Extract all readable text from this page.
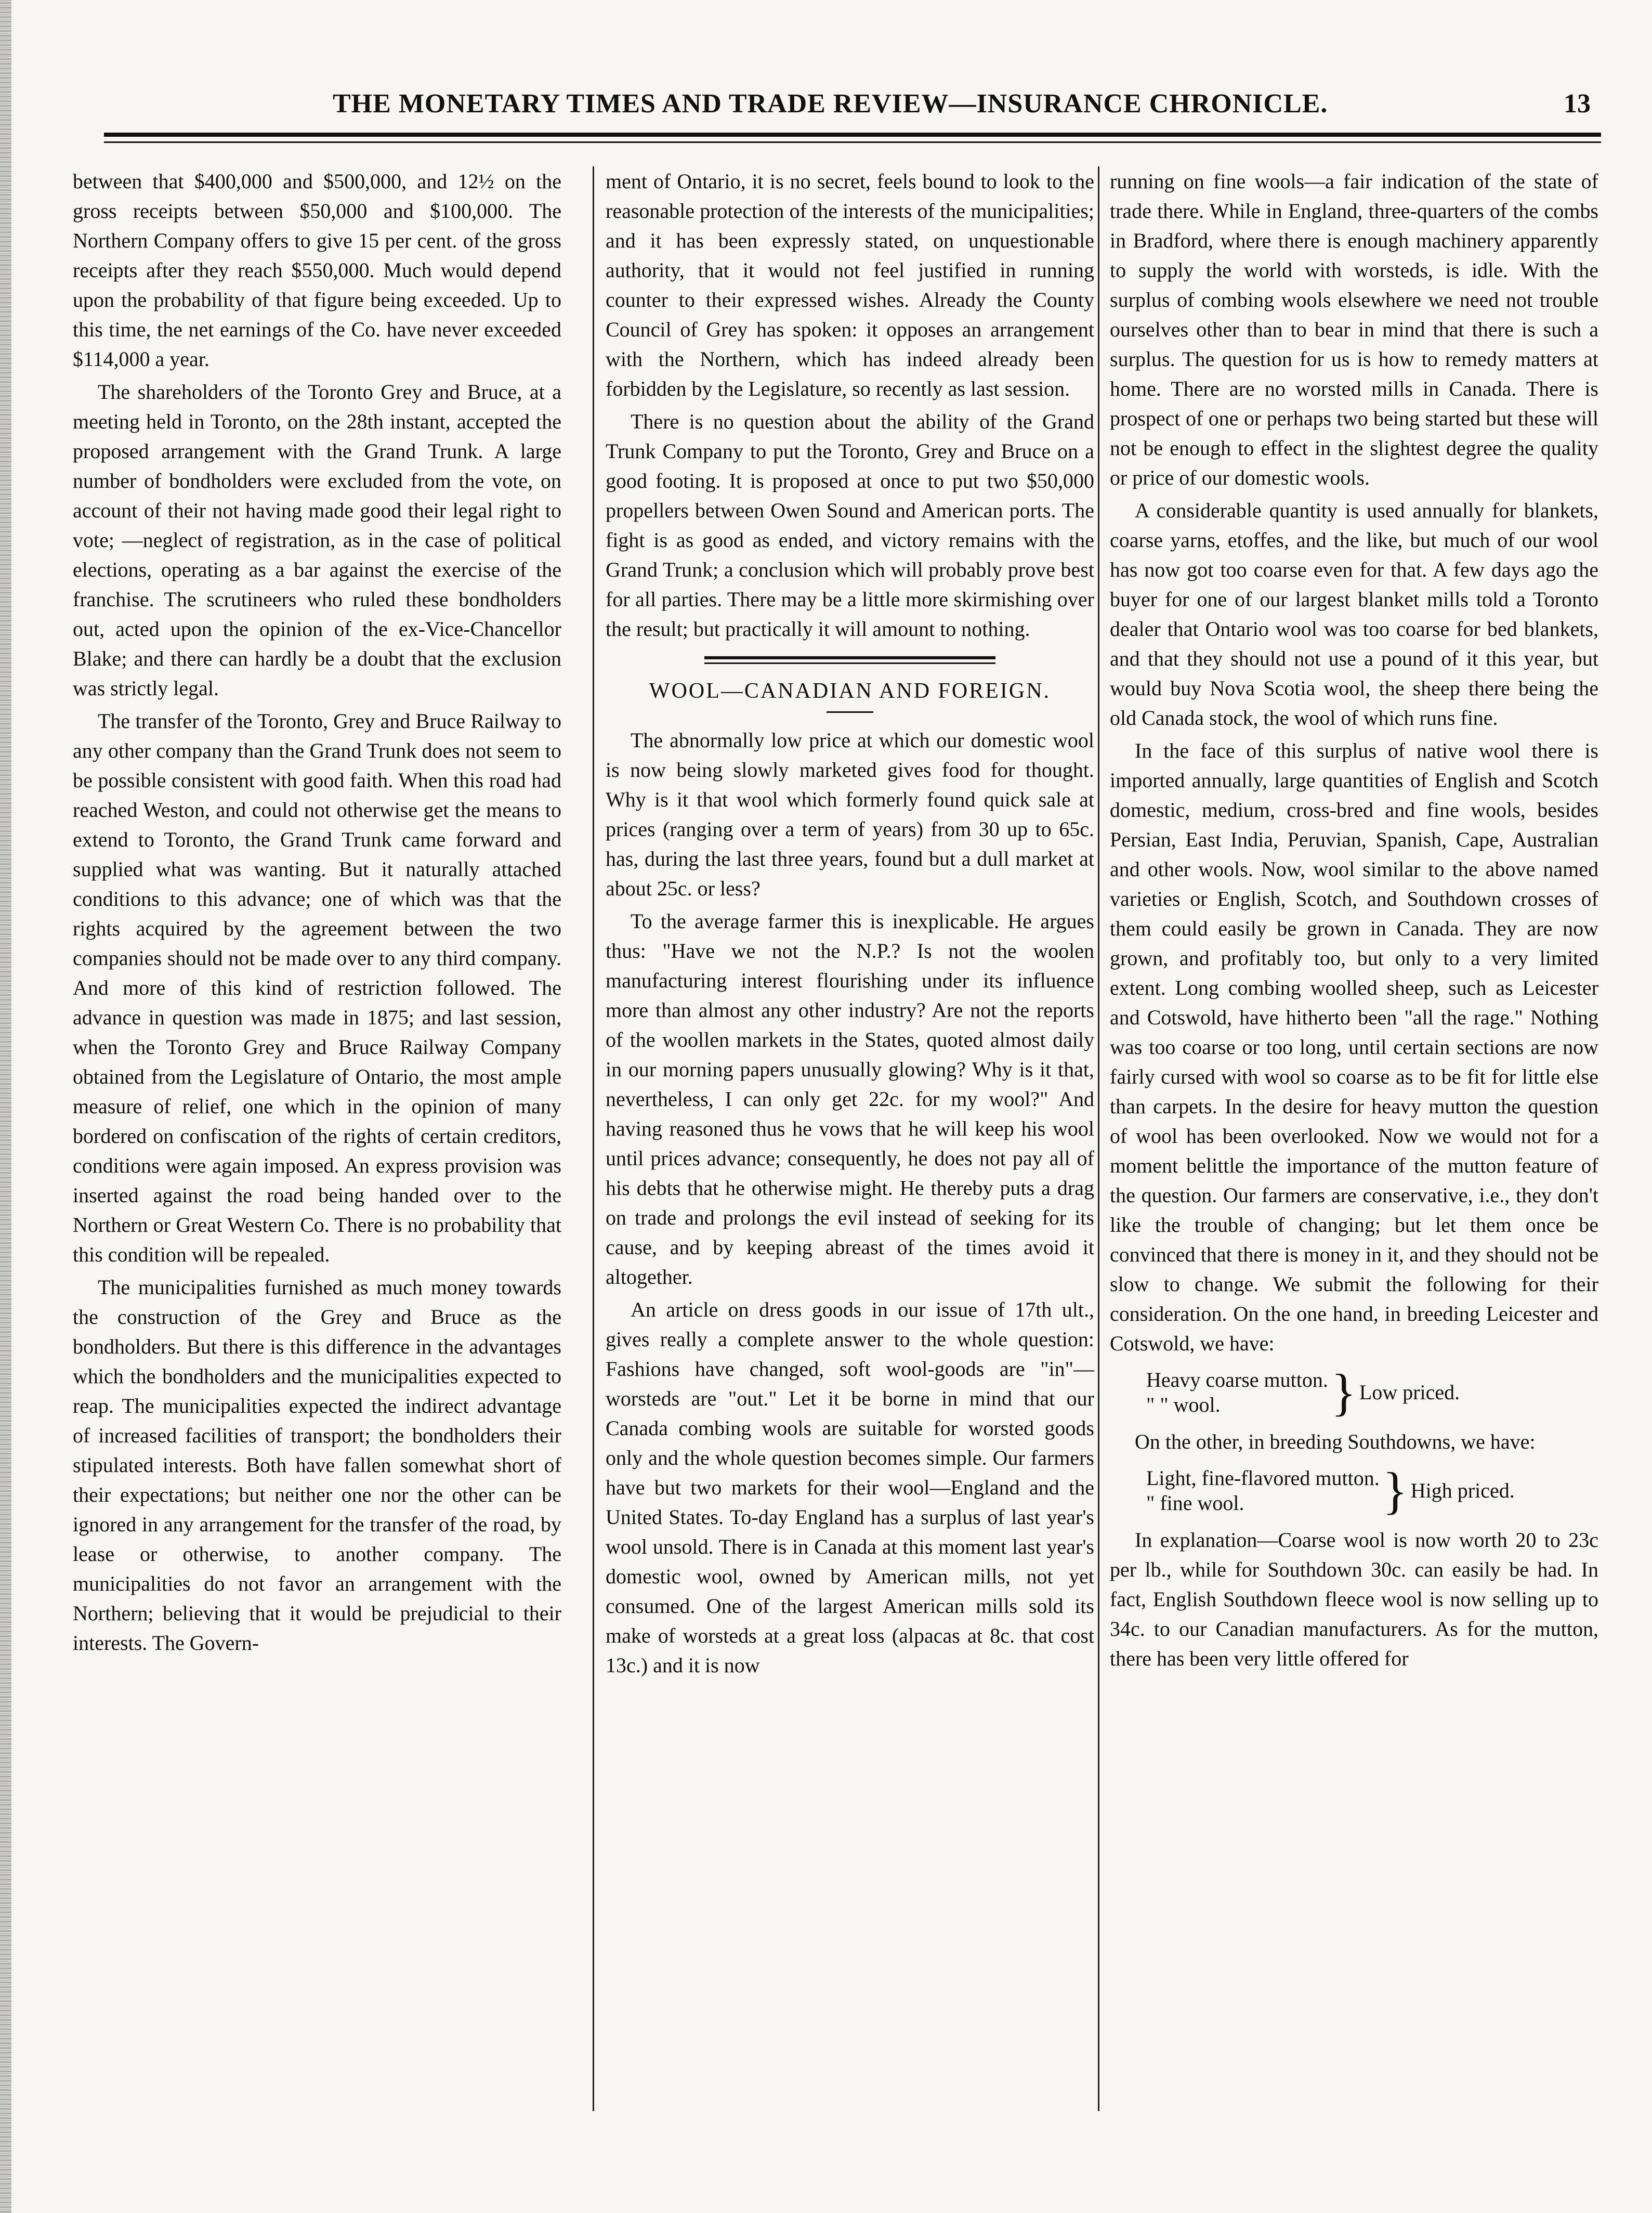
THE MONETARY TIMES AND TRADE REVIEW—INSURANCE CHRONICLE.	13

between that $400,000 and $500,000, and 12½ on the gross receipts between $50,000 and $100,000. The Northern Company offers to give 15 per cent. of the gross receipts after they reach $550,000. Much would depend upon the probability of that figure being exceeded. Up to this time, the net earnings of the Co. have never exceeded $114,000 a year.

The shareholders of the Toronto Grey and Bruce, at a meeting held in Toronto, on the 28th instant, accepted the proposed arrangement with the Grand Trunk. A large number of bondholders were excluded from the vote, on account of their not having made good their legal right to vote; —neglect of registration, as in the case of political elections, operating as a bar against the exercise of the franchise. The scrutineers who ruled these bondholders out, acted upon the opinion of the ex-Vice-Chancellor Blake; and there can hardly be a doubt that the exclusion was strictly legal.

The transfer of the Toronto, Grey and Bruce Railway to any other company than the Grand Trunk does not seem to be possible consistent with good faith. When this road had reached Weston, and could not otherwise get the means to extend to Toronto, the Grand Trunk came forward and supplied what was wanting. But it naturally attached conditions to this advance; one of which was that the rights acquired by the agreement between the two companies should not be made over to any third company. And more of this kind of restriction followed. The advance in question was made in 1875; and last session, when the Toronto Grey and Bruce Railway Company obtained from the Legislature of Ontario, the most ample measure of relief, one which in the opinion of many bordered on confiscation of the rights of certain creditors, conditions were again imposed. An express provision was inserted against the road being handed over to the Northern or Great Western Co. There is no probability that this condition will be repealed.

The municipalities furnished as much money towards the construction of the Grey and Bruce as the bondholders. But there is this difference in the advantages which the bondholders and the municipalities expected to reap. The municipalities expected the indirect advantage of increased facilities of transport; the bondholders their stipulated interests. Both have fallen somewhat short of their expectations; but neither one nor the other can be ignored in any arrangement for the transfer of the road, by lease or otherwise, to another company. The municipalities do not favor an arrangement with the Northern; believing that it would be prejudicial to their interests. The Govern-

ment of Ontario, it is no secret, feels bound to look to the reasonable protection of the interests of the municipalities; and it has been expressly stated, on unquestionable authority, that it would not feel justified in running counter to their expressed wishes. Already the County Council of Grey has spoken: it opposes an arrangement with the Northern, which has indeed already been forbidden by the Legislature, so recently as last session.

There is no question about the ability of the Grand Trunk Company to put the Toronto, Grey and Bruce on a good footing. It is proposed at once to put two $50,000 propellers between Owen Sound and American ports. The fight is as good as ended, and victory remains with the Grand Trunk; a conclusion which will probably prove best for all parties. There may be a little more skirmishing over the result; but practically it will amount to nothing.

WOOL—CANADIAN AND FOREIGN.

The abnormally low price at which our domestic wool is now being slowly marketed gives food for thought. Why is it that wool which formerly found quick sale at prices (ranging over a term of years) from 30 up to 65c. has, during the last three years, found but a dull market at about 25c. or less?

To the average farmer this is inexplicable. He argues thus: "Have we not the N.P.? Is not the woolen manufacturing interest flourishing under its influence more than almost any other industry? Are not the reports of the woollen markets in the States, quoted almost daily in our morning papers unusually glowing? Why is it that, nevertheless, I can only get 22c. for my wool?" And having reasoned thus he vows that he will keep his wool until prices advance; consequently, he does not pay all of his debts that he otherwise might. He thereby puts a drag on trade and prolongs the evil instead of seeking for its cause, and by keeping abreast of the times avoid it altogether.

An article on dress goods in our issue of 17th ult., gives really a complete answer to the whole question: Fashions have changed, soft wool-goods are "in"—worsteds are "out." Let it be borne in mind that our Canada combing wools are suitable for worsted goods only and the whole question becomes simple. Our farmers have but two markets for their wool—England and the United States. To-day England has a surplus of last year's wool unsold. There is in Canada at this moment last year's domestic wool, owned by American mills, not yet consumed. One of the largest American mills sold its make of worsteds at a great loss (alpacas at 8c. that cost 13c.) and it is now

running on fine wools—a fair indication of the state of trade there. While in England, three-quarters of the combs in Bradford, where there is enough machinery apparently to supply the world with worsteds, is idle. With the surplus of combing wools elsewhere we need not trouble ourselves other than to bear in mind that there is such a surplus. The question for us is how to remedy matters at home. There are no worsted mills in Canada. There is prospect of one or perhaps two being started but these will not be enough to effect in the slightest degree the quality or price of our domestic wools.

A considerable quantity is used annually for blankets, coarse yarns, etoffes, and the like, but much of our wool has now got too coarse even for that. A few days ago the buyer for one of our largest blanket mills told a Toronto dealer that Ontario wool was too coarse for bed blankets, and that they should not use a pound of it this year, but would buy Nova Scotia wool, the sheep there being the old Canada stock, the wool of which runs fine.

In the face of this surplus of native wool there is imported annually, large quantities of English and Scotch domestic, medium, cross-bred and fine wools, besides Persian, East India, Peruvian, Spanish, Cape, Australian and other wools. Now, wool similar to the above named varieties or English, Scotch, and Southdown crosses of them could easily be grown in Canada. They are now grown, and profitably too, but only to a very limited extent. Long combing woolled sheep, such as Leicester and Cotswold, have hitherto been "all the rage." Nothing was too coarse or too long, until certain sections are now fairly cursed with wool so coarse as to be fit for little else than carpets. In the desire for heavy mutton the question of wool has been overlooked. Now we would not for a moment belittle the importance of the mutton feature of the question. Our farmers are conservative, i.e., they don't like the trouble of changing; but let them once be convinced that there is money in it, and they should not be slow to change. We submit the following for their consideration. On the one hand, in breeding Leicester and Cotswold, we have:

Heavy coarse mutton.
" " wool.	} Low priced.

On the other, in breeding Southdowns, we have:

Light, fine-flavored mutton.
" fine wool.	} High priced.

In explanation—Coarse wool is now worth 20 to 23c per lb., while for Southdown 30c. can easily be had. In fact, English Southdown fleece wool is now selling up to 34c. to our Canadian manufacturers. As for the mutton, there has been very little offered for
